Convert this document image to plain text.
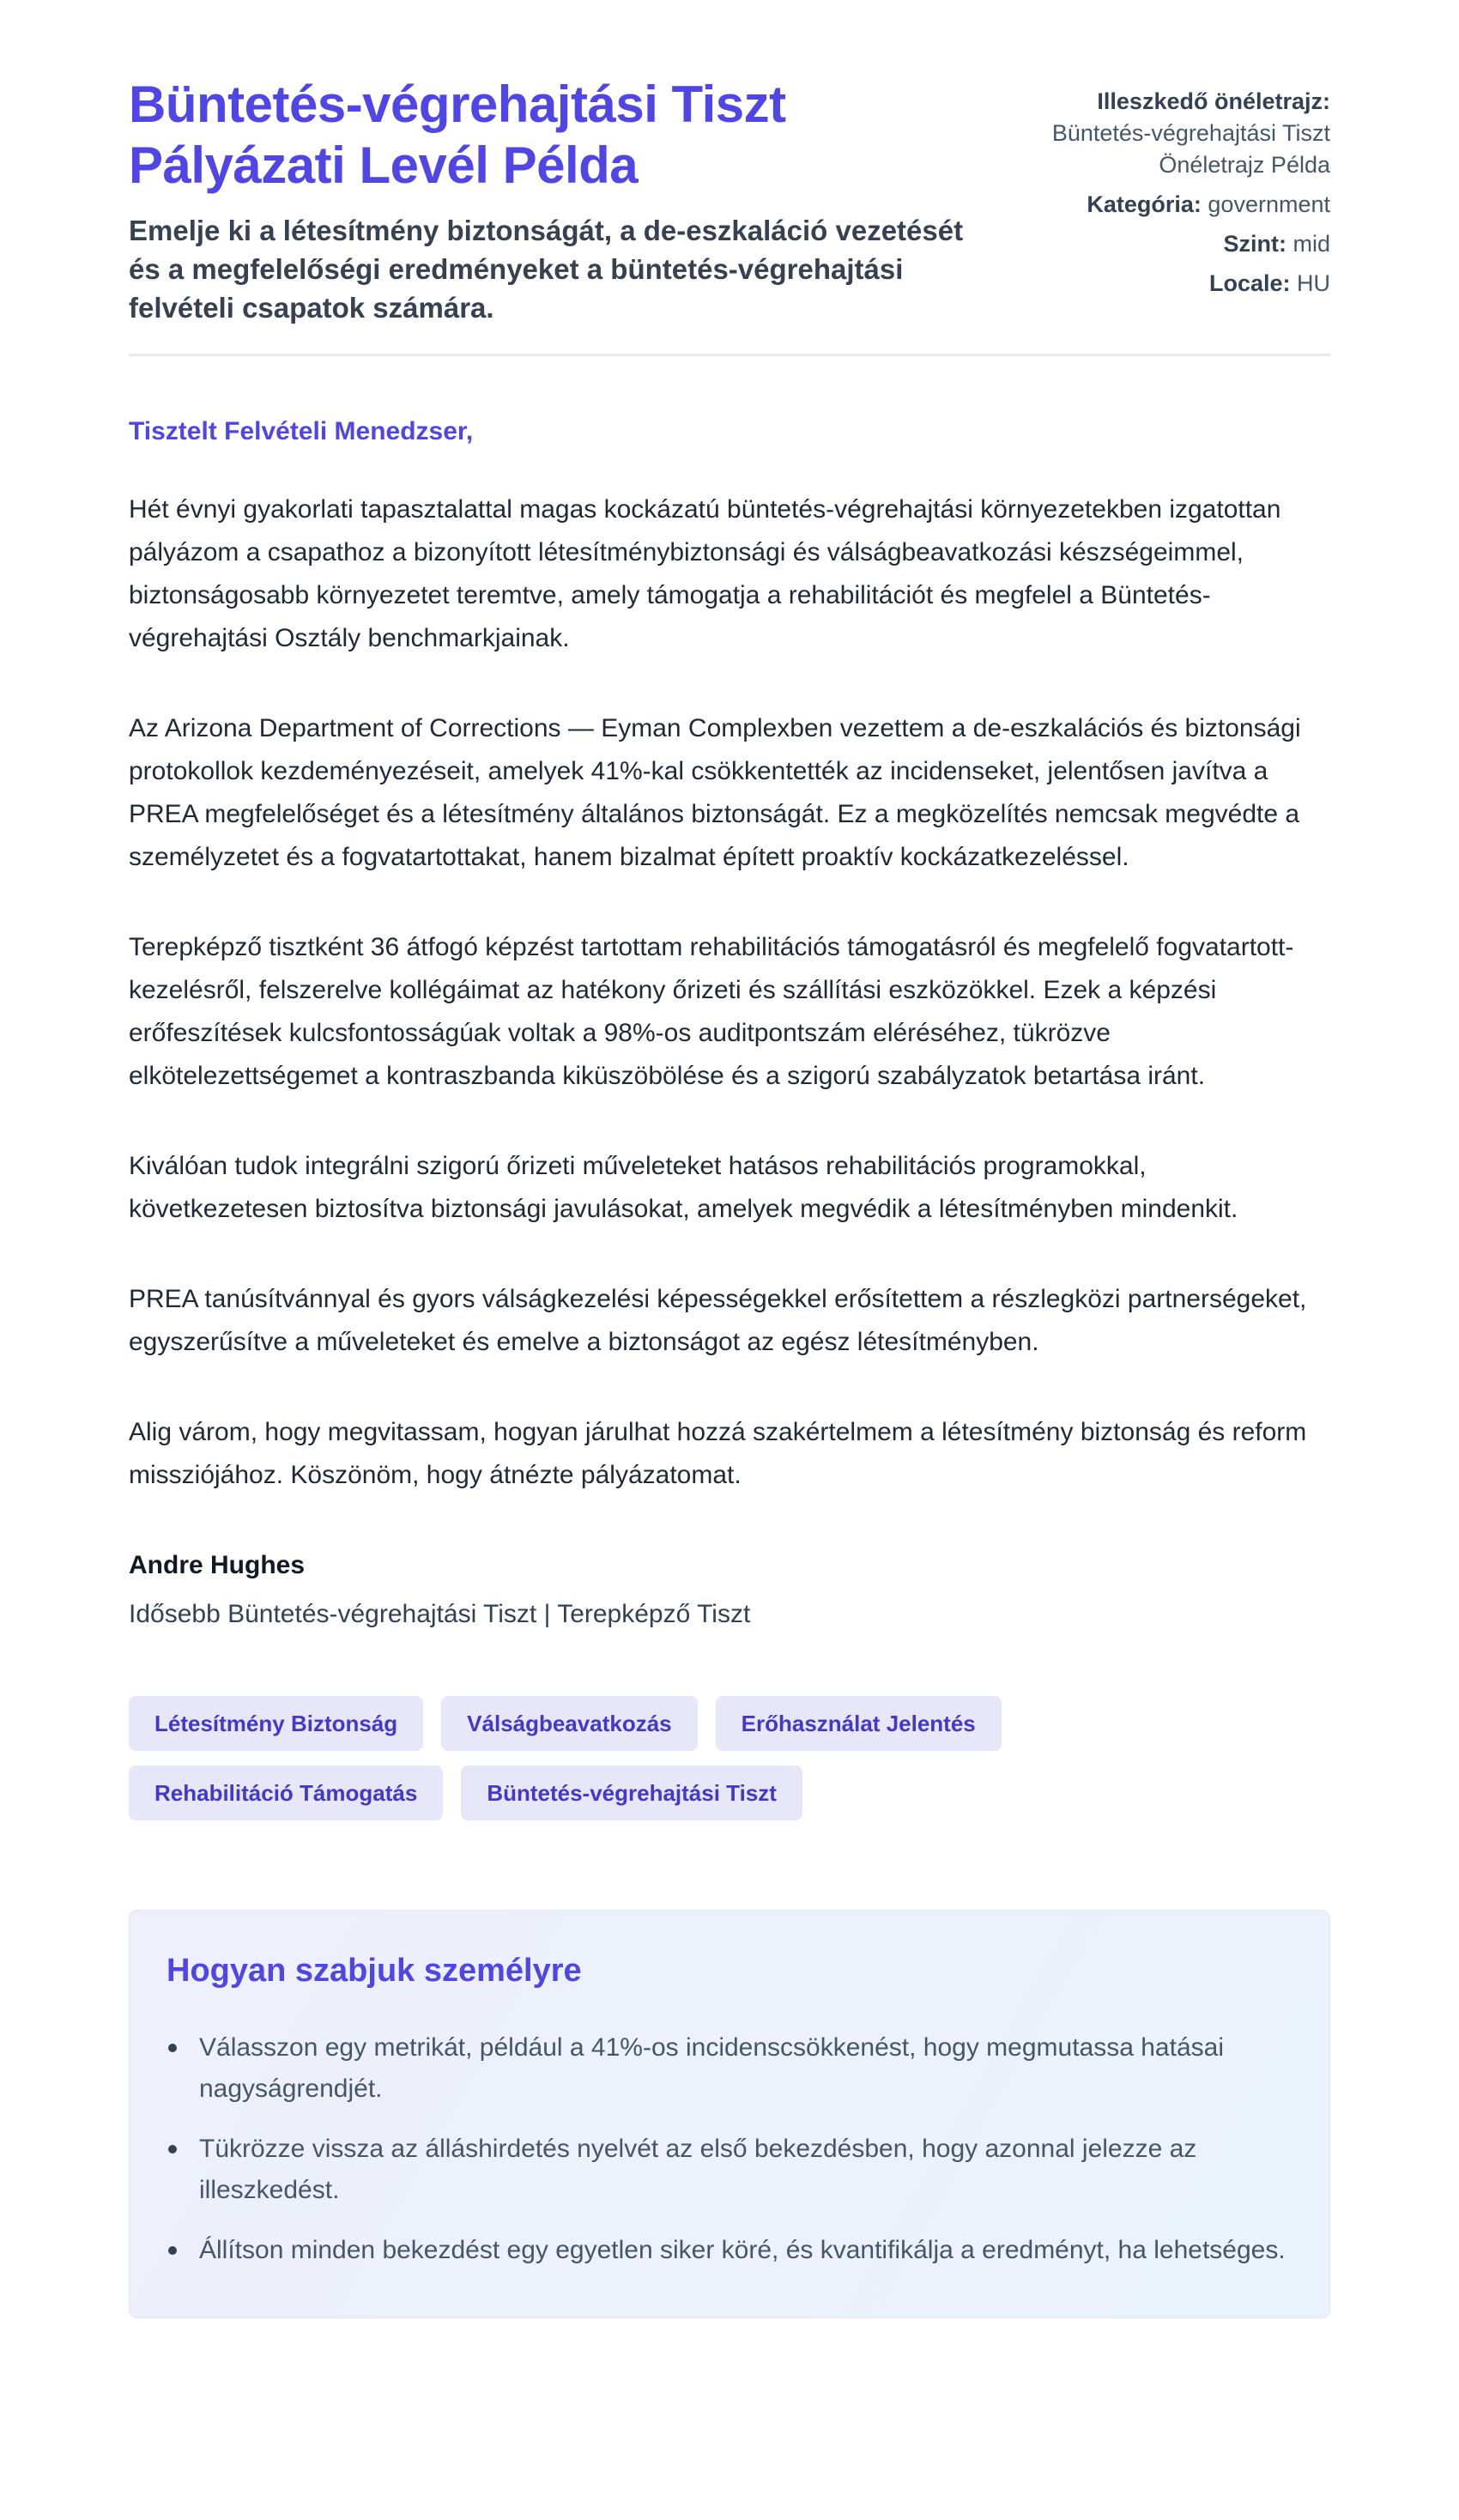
Büntetés-végrehajtási Tiszt Pályázati Levél Példa
Emelje ki a létesítmény biztonságát, a de-eszkaláció vezetését és a megfelelőségi eredményeket a büntetés-végrehajtási felvételi csapatok számára.
Illeszkedő önéletrajz: Büntetés-végrehajtási Tiszt Önéletrajz Példa
Kategória: government
Szint: mid
Locale: HU

Tisztelt Felvételi Menedzser,

Hét évnyi gyakorlati tapasztalattal magas kockázatú büntetés-végrehajtási környezetekben izgatottan pályázom a csapathoz a bizonyított létesítménybiztonsági és válságbeavatkozási készségeimmel, biztonságosabb környezetet teremtve, amely támogatja a rehabilitációt és megfelel a Büntetés-végrehajtási Osztály benchmarkjainak.

Az Arizona Department of Corrections — Eyman Complexben vezettem a de-eszkalációs és biztonsági protokollok kezdeményezéseit, amelyek 41%-kal csökkentették az incidenseket, jelentősen javítva a PREA megfelelőséget és a létesítmény általános biztonságát. Ez a megközelítés nemcsak megvédte a személyzetet és a fogvatartottakat, hanem bizalmat épített proaktív kockázatkezeléssel.

Terepképző tisztként 36 átfogó képzést tartottam rehabilitációs támogatásról és megfelelő fogvatartott-kezelésről, felszerelve kollégáimat az hatékony őrizeti és szállítási eszközökkel. Ezek a képzési erőfeszítések kulcsfontosságúak voltak a 98%-os auditpontszám eléréséhez, tükrözve elkötelezettségemet a kontraszbanda kiküszöbölése és a szigorú szabályzatok betartása iránt.

Kiválóan tudok integrálni szigorú őrizeti műveleteket hatásos rehabilitációs programokkal, következetesen biztosítva biztonsági javulásokat, amelyek megvédik a létesítményben mindenkit.

PREA tanúsítvánnyal és gyors válságkezelési képességekkel erősítettem a részlegközi partnerségeket, egyszerűsítve a műveleteket és emelve a biztonságot az egész létesítményben.

Alig várom, hogy megvitassam, hogyan járulhat hozzá szakértelmem a létesítmény biztonság és reform missziójához. Köszönöm, hogy átnézte pályázatomat.

Andre Hughes
Idősebb Büntetés-végrehajtási Tiszt | Terepképző Tiszt
Létesítmény Biztonság	Válságbeavatkozás	Erőhasználat Jelentés
Rehabilitáció Támogatás	Büntetés-végrehajtási Tiszt
Hogyan szabjuk személyre
Válasszon egy metrikát, például a 41%-os incidenscsökkenést, hogy megmutassa hatásai nagyságrendjét.
Tükrözze vissza az álláshirdetés nyelvét az első bekezdésben, hogy azonnal jelezze az illeszkedést.
Állítson minden bekezdést egy egyetlen siker köré, és kvantifikálja a eredményt, ha lehetséges.
